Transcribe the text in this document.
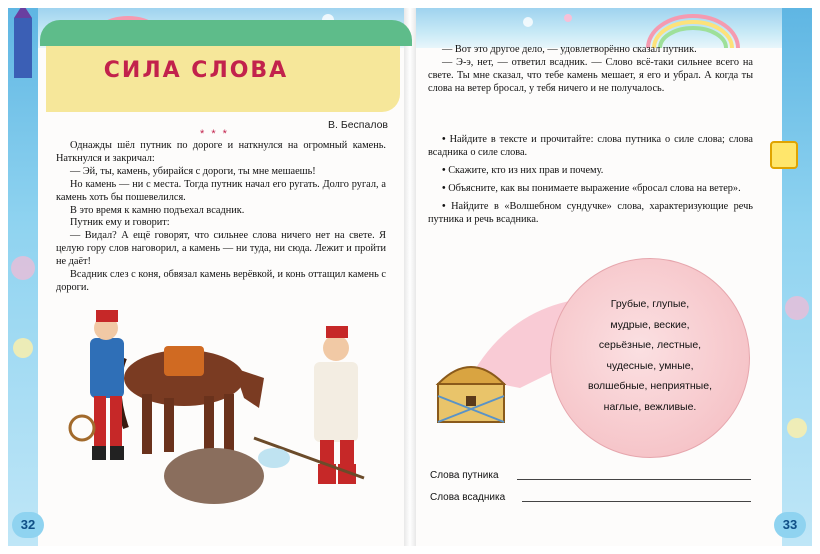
СИЛА СЛОВА
В. Беспалов
* * *

Однажды шёл путник по дороге и наткнулся на огромный камень. Наткнулся и закричал:

— Эй, ты, камень, убирайся с дороги, ты мне мешаешь!

Но камень — ни с места. Тогда путник начал его ругать. Долго ругал, а камень хоть бы пошевелился.

В это время к камню подъехал всадник.

Путник ему и говорит:

— Видал? А ещё говорят, что сильнее слова ничего нет на свете. Я целую гору слов наговорил, а камень — ни туда, ни сюда. Лежит и пройти не даёт!

Всадник слез с коня, обвязал камень верёвкой, и конь оттащил камень с дороги.

32

— Вот это другое дело, — удовлетворённо сказал путник.

— Э-э, нет, — ответил всадник. — Слово всё-таки сильнее всего на свете. Ты мне сказал, что тебе камень мешает, я его и убрал. А когда ты слова на ветер бросал, у тебя ничего и не получалось.

• Найдите в тексте и прочитайте: слова путника о силе слова; слова всадника о силе слова.

• Скажите, кто из них прав и почему.

• Объясните, как вы понимаете выражение «бросал слова на ветер».

• Найдите в «Волшебном сундучке» слова, характеризующие речь путника и речь всадника.

Грубые, глупые,
мудрые, веские,
серьёзные, лестные,
чудесные, умные,
волшебные, неприятные,
наглые, вежливые.
Слова путника
Слова всадника
33
